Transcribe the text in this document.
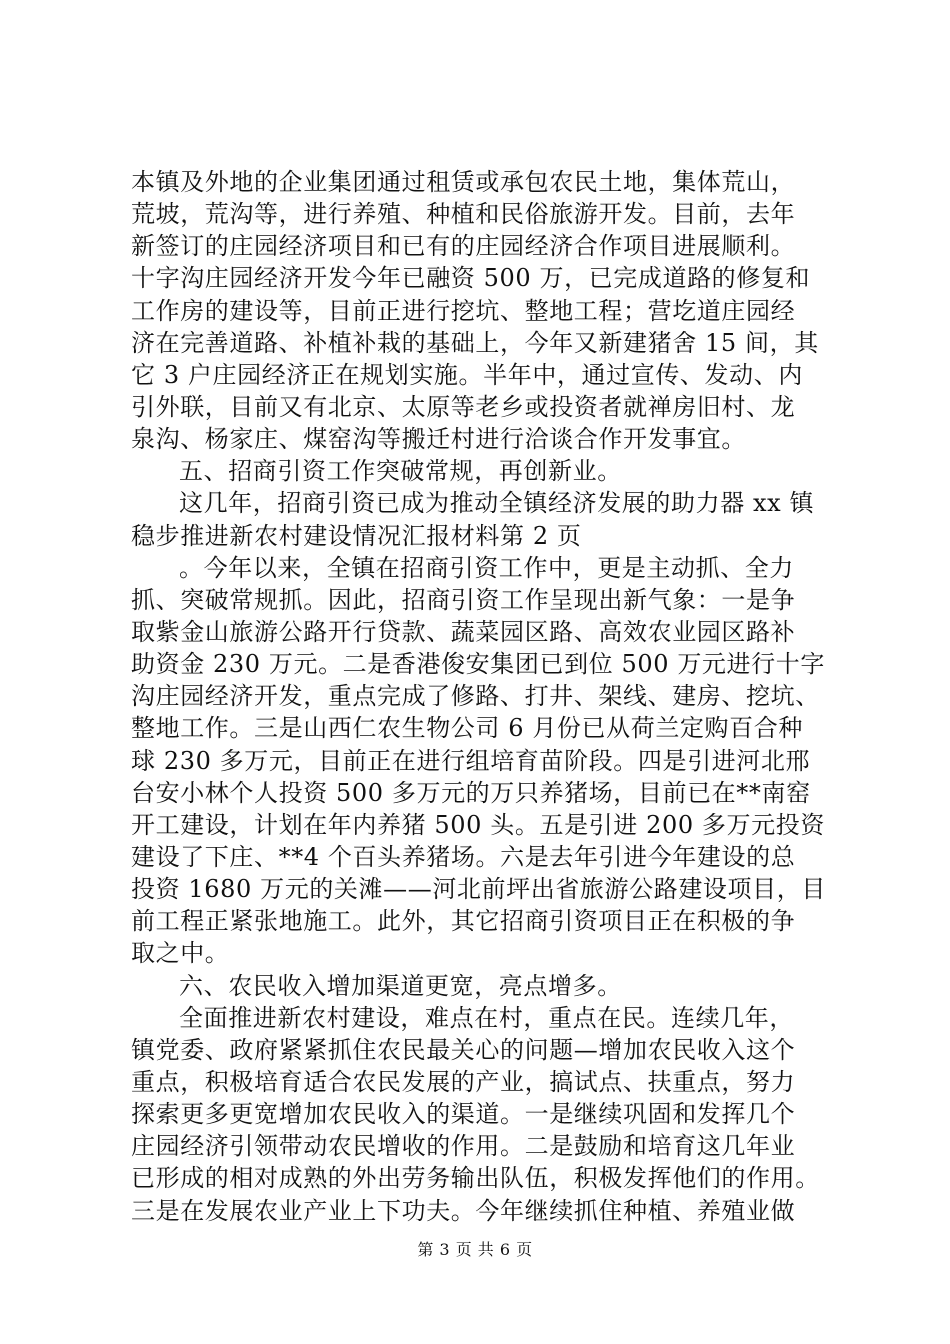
本镇及外地的企业集团通过租赁或承包农民土地，集体荒山，
荒坡，荒沟等，进行养殖、种植和民俗旅游开发。目前，去年
新签订的庄园经济项目和已有的庄园经济合作项目进展顺利。
十字沟庄园经济开发今年已融资 500 万，已完成道路的修复和
工作房的建设等，目前正进行挖坑、整地工程；营圪道庄园经
济在完善道路、补植补栽的基础上，今年又新建猪舍 15 间，其
它 3 户庄园经济正在规划实施。半年中，通过宣传、发动、内
引外联，目前又有北京、太原等老乡或投资者就禅房旧村、龙
泉沟、杨家庄、煤窑沟等搬迁村进行洽谈合作开发事宜。
五、招商引资工作突破常规，再创新业。
这几年，招商引资已成为推动全镇经济发展的助力器 xx 镇
稳步推进新农村建设情况汇报材料第 2 页
。今年以来，全镇在招商引资工作中，更是主动抓、全力
抓、突破常规抓。因此，招商引资工作呈现出新气象：一是争
取紫金山旅游公路开行贷款、蔬菜园区路、高效农业园区路补
助资金 230 万元。二是香港俊安集团已到位 500 万元进行十字
沟庄园经济开发，重点完成了修路、打井、架线、建房、挖坑、
整地工作。三是山西仁农生物公司 6 月份已从荷兰定购百合种
球 230 多万元，目前正在进行组培育苗阶段。四是引进河北邢
台安小林个人投资 500 多万元的万只养猪场，目前已在**南窑
开工建设，计划在年内养猪 500 头。五是引进 200 多万元投资
建设了下庄、**4 个百头养猪场。六是去年引进今年建设的总
投资 1680 万元的关滩——河北前坪出省旅游公路建设项目，目
前工程正紧张地施工。此外，其它招商引资项目正在积极的争
取之中。
六、农民收入增加渠道更宽，亮点增多。
全面推进新农村建设，难点在村，重点在民。连续几年，
镇党委、政府紧紧抓住农民最关心的问题—增加农民收入这个
重点，积极培育适合农民发展的产业，搞试点、扶重点，努力
探索更多更宽增加农民收入的渠道。一是继续巩固和发挥几个
庄园经济引领带动农民增收的作用。二是鼓励和培育这几年业
已形成的相对成熟的外出劳务输出队伍，积极发挥他们的作用。
三是在发展农业产业上下功夫。今年继续抓住种植、养殖业做
第 3 页 共 6 页
